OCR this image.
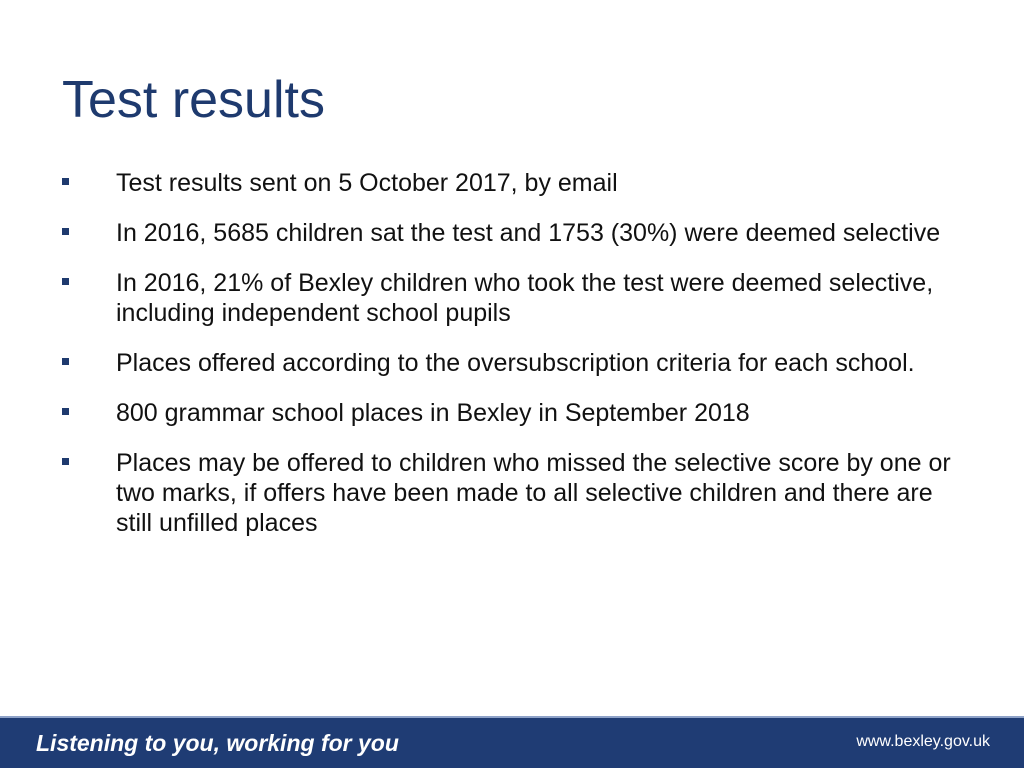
Test results
Test results sent on 5 October 2017, by email
In 2016, 5685 children sat the test and 1753 (30%) were deemed selective
In 2016, 21% of Bexley children who took the test were deemed selective, including independent school pupils
Places offered according to the oversubscription criteria for each school.
800 grammar school places in Bexley in September 2018
Places may be offered to children who missed the selective score by one or two marks, if offers have been made to all selective children and there are still unfilled places
Listening to you, working for you	www.bexley.gov.uk
